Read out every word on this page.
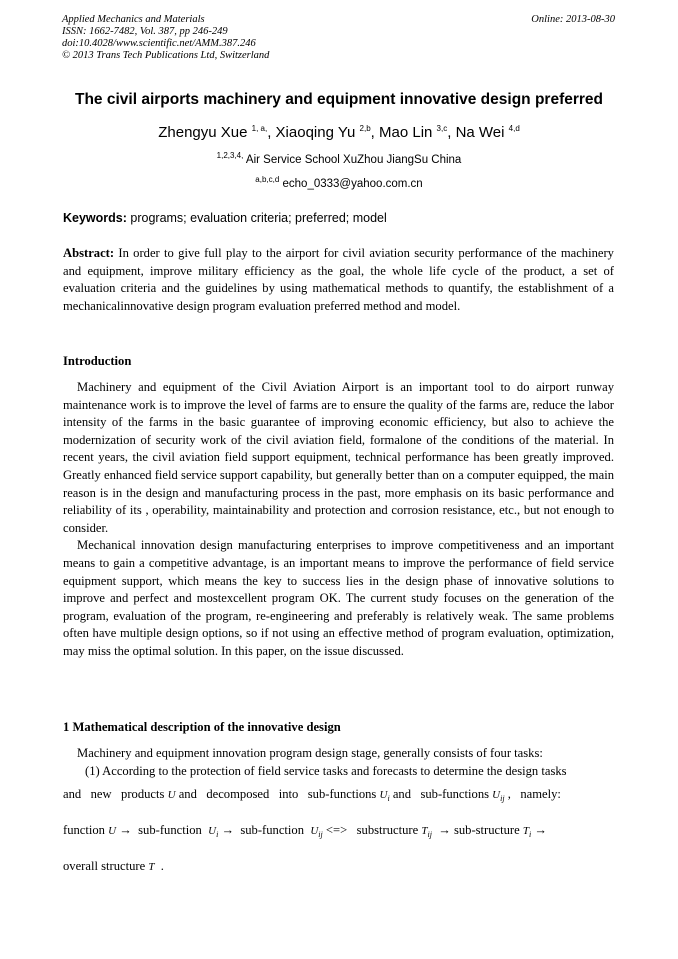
Applied Mechanics and Materials
ISSN: 1662-7482, Vol. 387, pp 246-249
doi:10.4028/www.scientific.net/AMM.387.246
© 2013 Trans Tech Publications Ltd, Switzerland
Online: 2013-08-30
The civil airports machinery and equipment innovative design preferred
Zhengyu Xue $^{1, a,}$, Xiaoqing Yu $^{2,b}$, Mao Lin $^{3,c}$, Na Wei $^{4,d}$
$^{1,2,3,4,}$ Air Service School XuZhou JiangSu China
$^{a,b,c,d}$ echo_0333@yahoo.com.cn
Keywords: programs; evaluation criteria; preferred; model

Abstract: In order to give full play to the airport for civil aviation security performance of the machinery and equipment, improve military efficiency as the goal, the whole life cycle of the product, a set of evaluation criteria and the guidelines by using mathematical methods to quantify, the establishment of a mechanicalinnovative design program evaluation preferred method and model.

Introduction

Machinery and equipment of the Civil Aviation Airport is an important tool to do airport runway maintenance work is to improve the level of farms are to ensure the quality of the farms are, reduce the labor intensity of the farms in the basic guarantee of improving economic efficiency, but also to achieve the modernization of security work of the civil aviation field, formalone of the conditions of the material. In recent years, the civil aviation field support equipment, technical performance has been greatly improved. Greatly enhanced field service support capability, but generally better than on a computer equipped, the main reason is in the design and manufacturing process in the past, more emphasis on its basic performance and reliability of its , operability, maintainability and protection and corrosion resistance, etc., but not enough to consider.

Mechanical innovation design manufacturing enterprises to improve competitiveness and an important means to gain a competitive advantage, is an important means to improve the performance of field service equipment support, which means the key to success lies in the design phase of innovative solutions to improve and perfect and mostexcellent program OK. The current study focuses on the generation of the program, evaluation of the program, re-engineering and preferably is relatively weak. The same problems often have multiple design options, so if not using an effective method of program evaluation, optimization, may miss the optimal solution. In this paper, on the issue discussed.

1 Mathematical description of the innovative design

Machinery and equipment innovation program design stage, generally consists of four tasks:

(1) According to the protection of field service tasks and forecasts to determine the design tasks

and   new   products U and   decomposed   into   sub-functions $U_i$ and   sub-functions $U_{ij}$ ,   namely:
function U → sub-function $U_i$ → sub-function $U_{ij}$ <=>   substructure $T_{ij}$ → sub-structure $T_i$ →
overall structure T .
